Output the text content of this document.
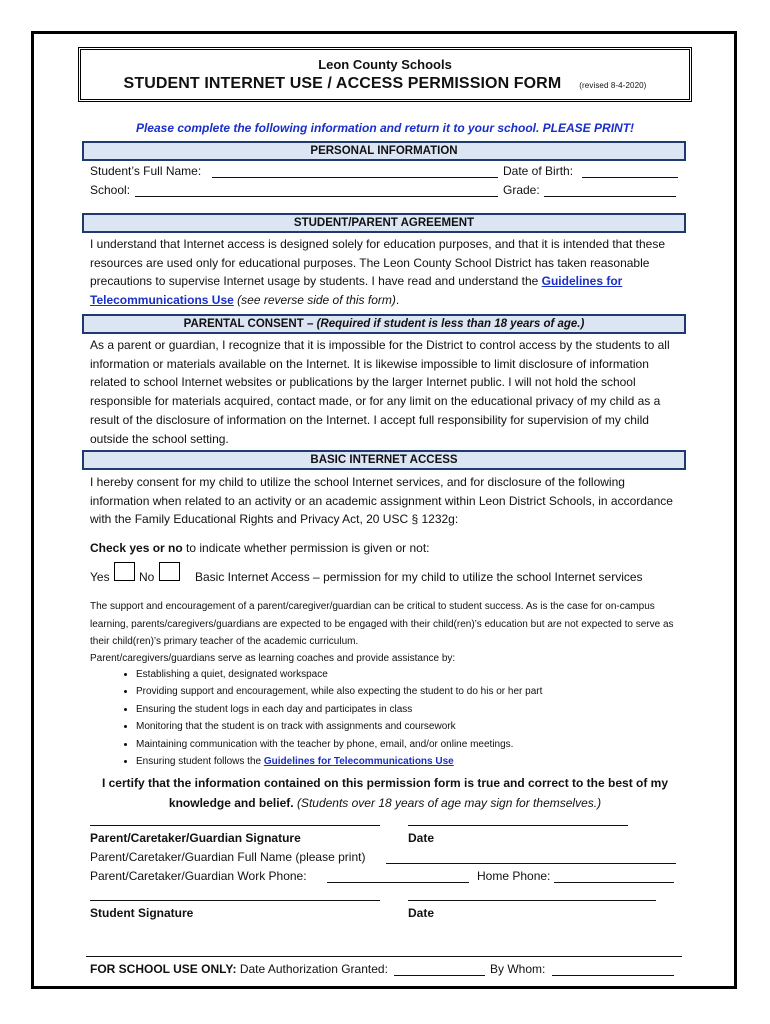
Leon County Schools
STUDENT INTERNET USE / ACCESS PERMISSION FORM (revised 8-4-2020)
Please complete the following information and return it to your school. PLEASE PRINT!
PERSONAL INFORMATION
Student’s Full Name:	Date of Birth:
School:	Grade:
STUDENT/PARENT AGREEMENT
I understand that Internet access is designed solely for education purposes, and that it is intended that these resources are used only for educational purposes. The Leon County School District has taken reasonable precautions to supervise Internet usage by students. I have read and understand the Guidelines for Telecommunications Use (see reverse side of this form).
PARENTAL CONSENT – (Required if student is less than 18 years of age.)
As a parent or guardian, I recognize that it is impossible for the District to control access by the students to all information or materials available on the Internet. It is likewise impossible to limit disclosure of information related to school Internet websites or publications by the larger Internet public. I will not hold the school responsible for materials acquired, contact made, or for any limit on the educational privacy of my child as a result of the disclosure of information on the Internet. I accept full responsibility for supervision of my child outside the school setting.
BASIC INTERNET ACCESS
I hereby consent for my child to utilize the school Internet services, and for disclosure of the following information when related to an activity or an academic assignment within Leon District Schools, in accordance with the Family Educational Rights and Privacy Act, 20 USC § 1232g:
Check yes or no to indicate whether permission is given or not:
Yes No	Basic Internet Access – permission for my child to utilize the school Internet services
The support and encouragement of a parent/caregiver/guardian can be critical to student success. As is the case for on-campus learning, parents/caregivers/guardians are expected to be engaged with their child(ren)’s education but are not expected to serve as their child(ren)’s primary teacher of the academic curriculum.
Parent/caregivers/guardians serve as learning coaches and provide assistance by:
• Establishing a quiet, designated workspace
• Providing support and encouragement, while also expecting the student to do his or her part
• Ensuring the student logs in each day and participates in class
• Monitoring that the student is on track with assignments and coursework
• Maintaining communication with the teacher by phone, email, and/or online meetings.
• Ensuring student follows the Guidelines for Telecommunications Use
I certify that the information contained on this permission form is true and correct to the best of my knowledge and belief. (Students over 18 years of age may sign for themselves.)
Parent/Caretaker/Guardian Signature	Date
Parent/Caretaker/Guardian Full Name (please print)
Parent/Caretaker/Guardian Work Phone:	Home Phone:
Student Signature	Date
FOR SCHOOL USE ONLY: Date Authorization Granted:	By Whom:
